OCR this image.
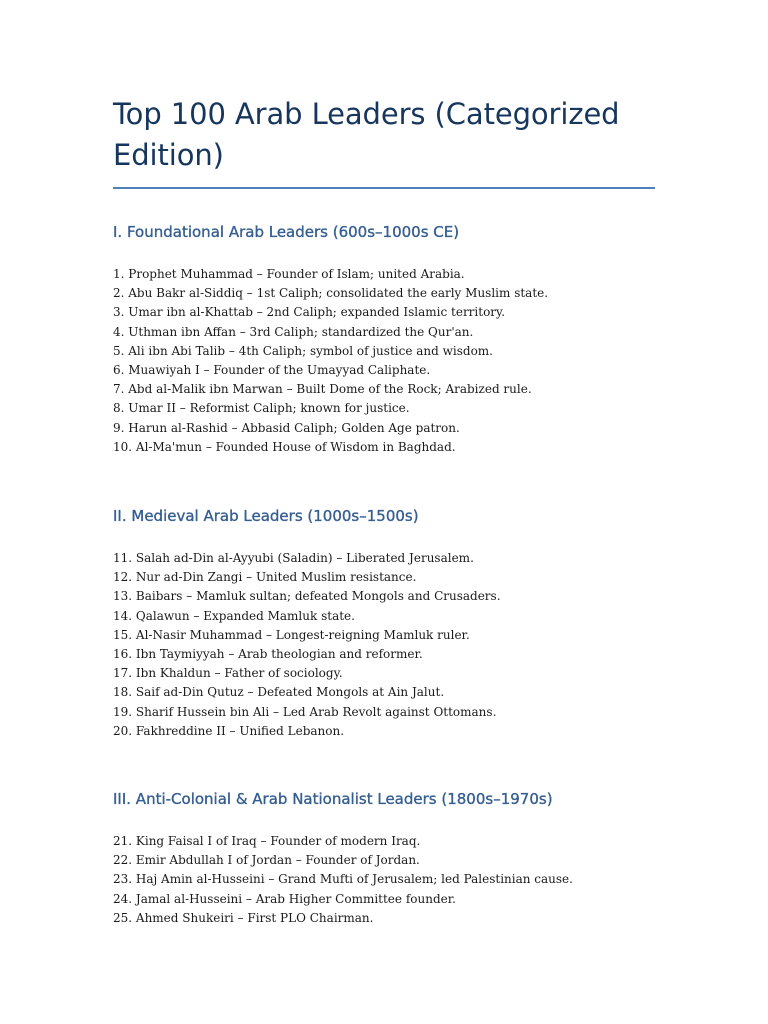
Top 100 Arab Leaders (Categorized Edition)
I. Foundational Arab Leaders (600s–1000s CE)
1. Prophet Muhammad – Founder of Islam; united Arabia.
2. Abu Bakr al-Siddiq – 1st Caliph; consolidated the early Muslim state.
3. Umar ibn al-Khattab – 2nd Caliph; expanded Islamic territory.
4. Uthman ibn Affan – 3rd Caliph; standardized the Qur'an.
5. Ali ibn Abi Talib – 4th Caliph; symbol of justice and wisdom.
6. Muawiyah I – Founder of the Umayyad Caliphate.
7. Abd al-Malik ibn Marwan – Built Dome of the Rock; Arabized rule.
8. Umar II – Reformist Caliph; known for justice.
9. Harun al-Rashid – Abbasid Caliph; Golden Age patron.
10. Al-Ma'mun – Founded House of Wisdom in Baghdad.
II. Medieval Arab Leaders (1000s–1500s)
11. Salah ad-Din al-Ayyubi (Saladin) – Liberated Jerusalem.
12. Nur ad-Din Zangi – United Muslim resistance.
13. Baibars – Mamluk sultan; defeated Mongols and Crusaders.
14. Qalawun – Expanded Mamluk state.
15. Al-Nasir Muhammad – Longest-reigning Mamluk ruler.
16. Ibn Taymiyyah – Arab theologian and reformer.
17. Ibn Khaldun – Father of sociology.
18. Saif ad-Din Qutuz – Defeated Mongols at Ain Jalut.
19. Sharif Hussein bin Ali – Led Arab Revolt against Ottomans.
20. Fakhreddine II – Unified Lebanon.
III. Anti-Colonial & Arab Nationalist Leaders (1800s–1970s)
21. King Faisal I of Iraq – Founder of modern Iraq.
22. Emir Abdullah I of Jordan – Founder of Jordan.
23. Haj Amin al-Husseini – Grand Mufti of Jerusalem; led Palestinian cause.
24. Jamal al-Husseini – Arab Higher Committee founder.
25. Ahmed Shukeiri – First PLO Chairman.
